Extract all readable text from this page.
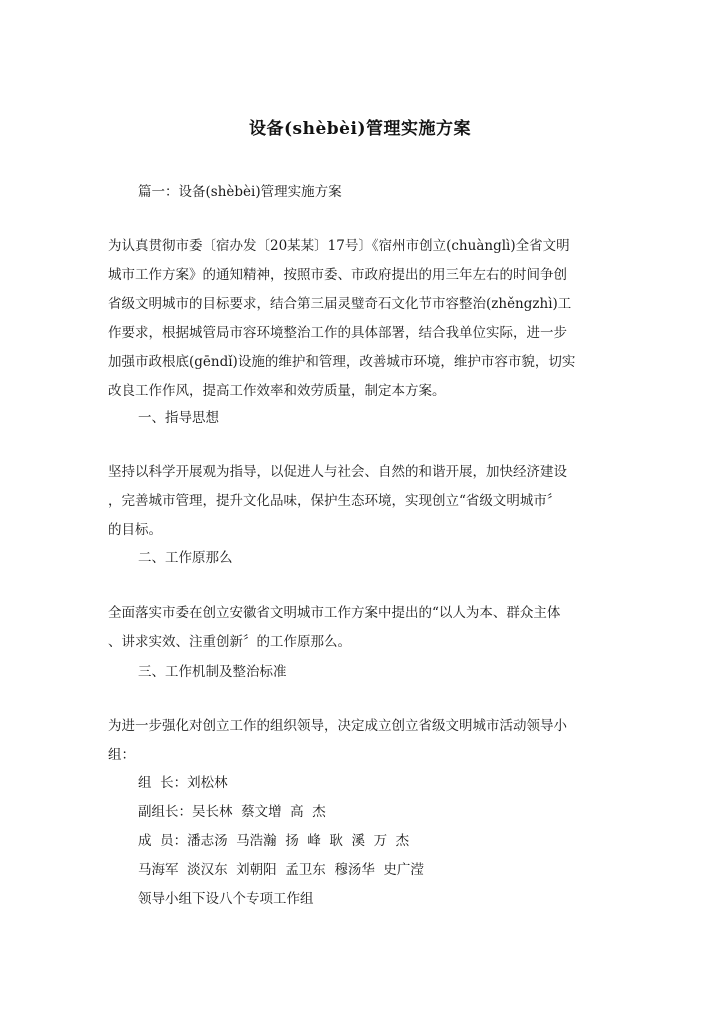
设备(shèbèi)管理实施方案
篇一：设备(shèbèi)管理实施方案
为认真贯彻市委〔宿办发〔20某某〕17号〕《宿州市创立(chuànglì)全省文明
城市工作方案》的通知精神，按照市委、市政府提出的用三年左右的时间争创
省级文明城市的目标要求，结合第三届灵璧奇石文化节市容整治(zhěngzhì)工
作要求，根据城管局市容环境整治工作的具体部署，结合我单位实际，进一步
加强市政根底(gēndǐ)设施的维护和管理，改善城市环境，维护市容市貌，切实
改良工作作风，提高工作效率和效劳质量，制定本方案。
一、指导思想
坚持以科学开展观为指导，以促进人与社会、自然的和谐开展，加快经济建设
，完善城市管理，提升文化品味，保护生态环境，实现创立“省级文明城市〞
的目标。
二、工作原那么
全面落实市委在创立安徽省文明城市工作方案中提出的“以人为本、群众主体
、讲求实效、注重创新〞的工作原那么。
三、工作机制及整治标准
为进一步强化对创立工作的组织领导，决定成立创立省级文明城市活动领导小
组：
组  长：刘松林
副组长：吴长林  蔡文增  高  杰
成  员：潘志汤  马浩瀚  扬  峰  耿  溪  万  杰
马海军  淡汉东  刘朝阳  孟卫东  穆汤华  史广滢
领导小组下设八个专项工作组
